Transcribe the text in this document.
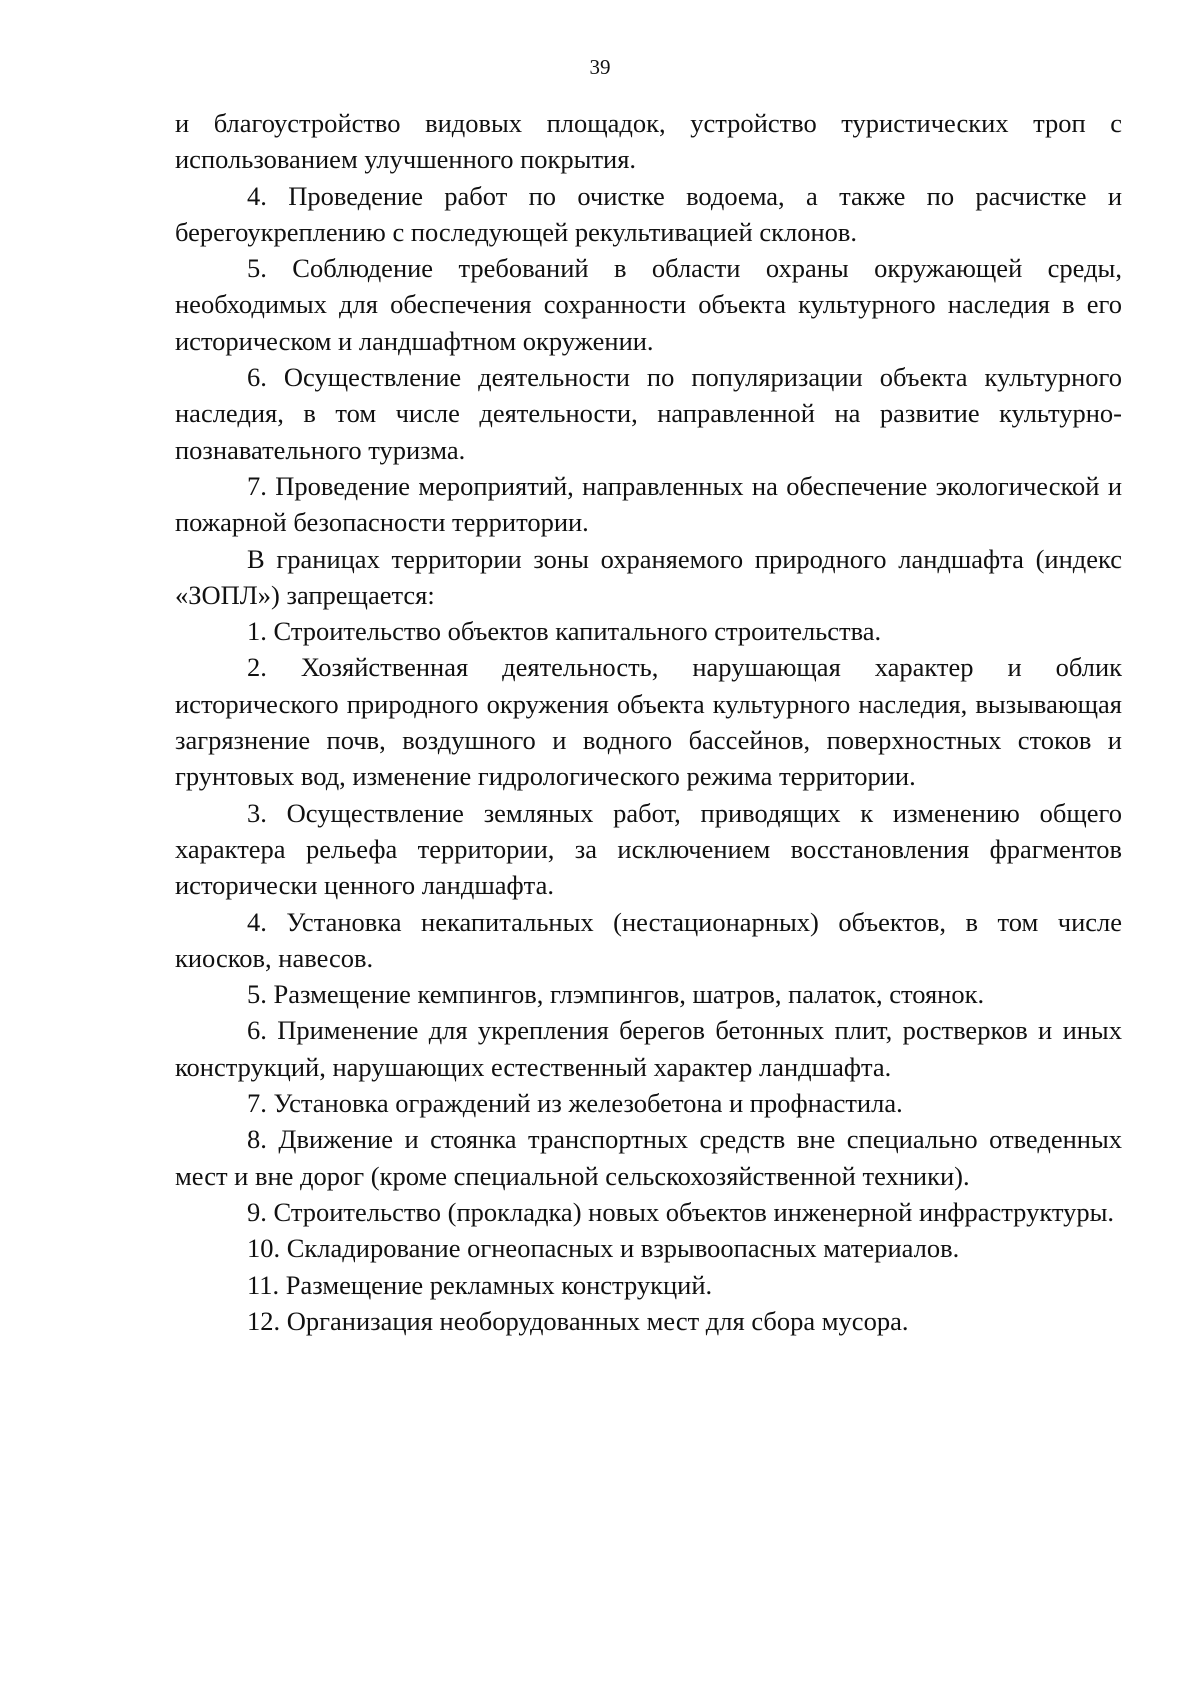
39

и благоустройство видовых площадок, устройство туристических троп с использованием улучшенного покрытия.

4. Проведение работ по очистке водоема, а также по расчистке и берегоукреплению с последующей рекультивацией склонов.

5. Соблюдение требований в области охраны окружающей среды, необходимых для обеспечения сохранности объекта культурного наследия в его историческом и ландшафтном окружении.

6. Осуществление деятельности по популяризации объекта культурного наследия, в том числе деятельности, направленной на развитие культурно-познавательного туризма.

7. Проведение мероприятий, направленных на обеспечение экологической и пожарной безопасности территории.

В границах территории зоны охраняемого природного ландшафта (индекс «ЗОПЛ») запрещается:

1. Строительство объектов капитального строительства.

2. Хозяйственная деятельность, нарушающая характер и облик исторического природного окружения объекта культурного наследия, вызывающая загрязнение почв, воздушного и водного бассейнов, поверхностных стоков и грунтовых вод, изменение гидрологического режима территории.

3. Осуществление земляных работ, приводящих к изменению общего характера рельефа территории, за исключением восстановления фрагментов исторически ценного ландшафта.

4. Установка некапитальных (нестационарных) объектов, в том числе киосков, навесов.

5. Размещение кемпингов, глэмпингов, шатров, палаток, стоянок.

6. Применение для укрепления берегов бетонных плит, ростверков и иных конструкций, нарушающих естественный характер ландшафта.

7. Установка ограждений из железобетона и профнастила.

8. Движение и стоянка транспортных средств вне специально отведенных мест и вне дорог (кроме специальной сельскохозяйственной техники).

9. Строительство (прокладка) новых объектов инженерной инфраструктуры.

10. Складирование огнеопасных и взрывоопасных материалов.

11. Размещение рекламных конструкций.

12. Организация необорудованных мест для сбора мусора.
